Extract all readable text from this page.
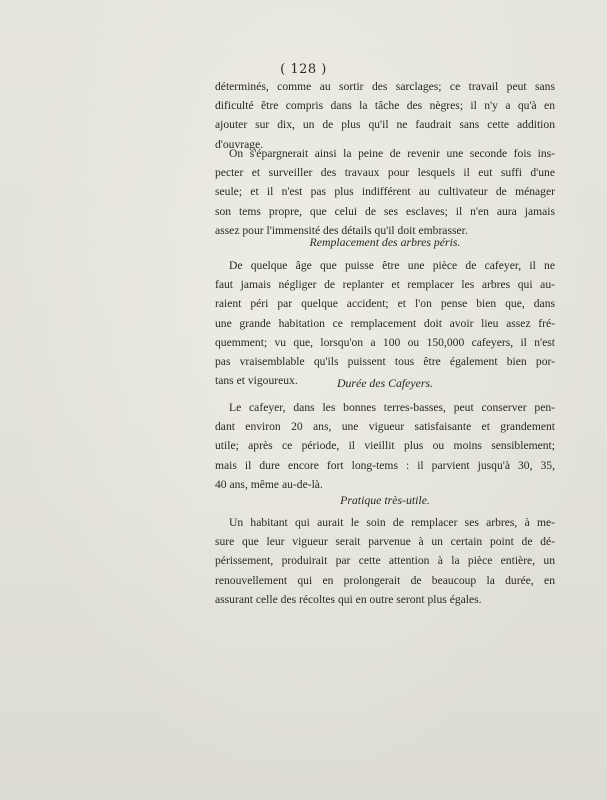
( 128 )
déterminés, comme au sortir des sarclages; ce travail peut sans
dificulté être compris dans la tâche des nègres; il n'y a qu'à en
ajouter sur dix, un de plus qu'il ne faudrait sans cette addition
d'ouvrage.
On s'épargnerait ainsi la peine de revenir une seconde fois ins-
pecter et surveiller des travaux pour lesquels il eut suffi d'une
seule; et il n'est pas plus indifférent au cultivateur de ménager
son tems propre, que celui de ses esclaves; il n'en aura jamais
assez pour l'immensité des détails qu'il doit embrasser.
Remplacement des arbres péris.
De quelque âge que puisse être une pièce de cafeyer, il ne
faut jamais négliger de replanter et remplacer les arbres qui au-
raient péri par quelque accident; et l'on pense bien que, dans
une grande habitation ce remplacement doit avoir lieu assez fré-
quemment; vu que, lorsqu'on a 100 ou 150,000 cafeyers, il n'est
pas vraisemblable qu'ils puissent tous être également bien por-
tans et vigoureux.	Durée des Cafeyers.
Le cafeyer, dans les bonnes terres-basses, peut conserver pen-
dant environ 20 ans, une vigueur satisfaisante et grandement
utile; après ce période, il vieillit plus ou moins sensiblement;
mais il dure encore fort long-tems : il parvient jusqu'à 30, 35,
40 ans, même au-de-là.
Pratique très-utile.
Un habitant qui aurait le soin de remplacer ses arbres, à me-
sure que leur vigueur serait parvenue à un certain point de dé-
périssement, produirait par cette attention à la pièce entière, un
renouvellement qui en prolongerait de beaucoup la durée, en
assurant celle des récoltes qui en outre seront plus égales.
